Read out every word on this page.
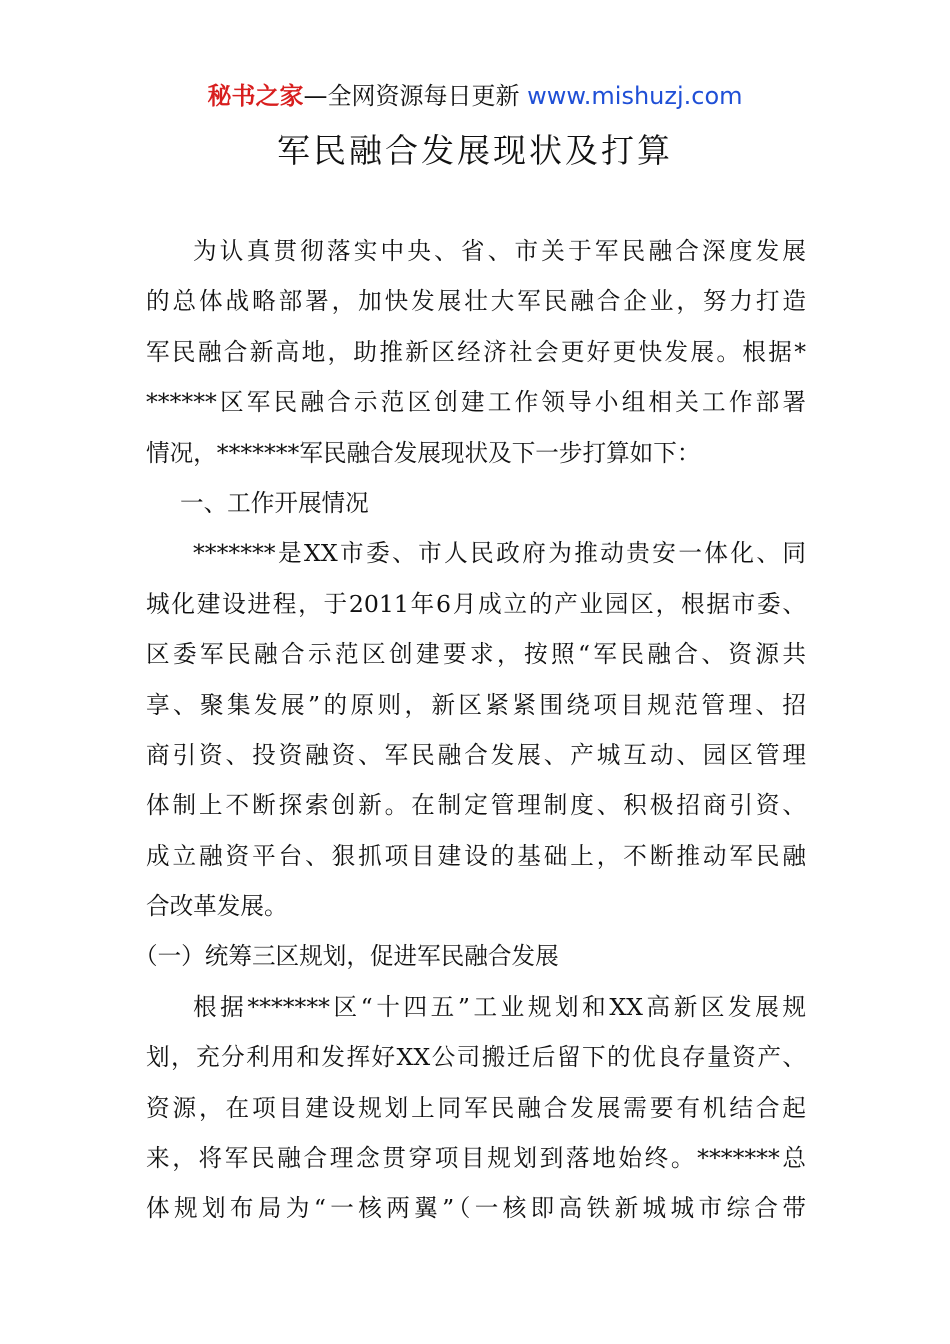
秘书之家—全网资源每日更新 www.mishuzj.com
军民融合发展现状及打算
为认真贯彻落实中央、省、市关于军民融合深度发展
的总体战略部署，加快发展壮大军民融合企业，努力打造
军民融合新高地，助推新区经济社会更好更快发展。根据*
******区军民融合示范区创建工作领导小组相关工作部署
情况，*******军民融合发展现状及下一步打算如下：
一、工作开展情况
*******是XX市委、市人民政府为推动贵安一体化、同
城化建设进程，于2011年6月成立的产业园区，根据市委、
区委军民融合示范区创建要求，按照“军民融合、资源共
享、聚集发展”的原则，新区紧紧围绕项目规范管理、招
商引资、投资融资、军民融合发展、产城互动、园区管理
体制上不断探索创新。在制定管理制度、积极招商引资、
成立融资平台、狠抓项目建设的基础上，不断推动军民融
合改革发展。
（一）统筹三区规划，促进军民融合发展
根据*******区“十四五”工业规划和XX高新区发展规
划，充分利用和发挥好XX公司搬迁后留下的优良存量资产、
资源，在项目建设规划上同军民融合发展需要有机结合起
来，将军民融合理念贯穿项目规划到落地始终。*******总
体规划布局为“一核两翼”（一核即高铁新城城市综合带
